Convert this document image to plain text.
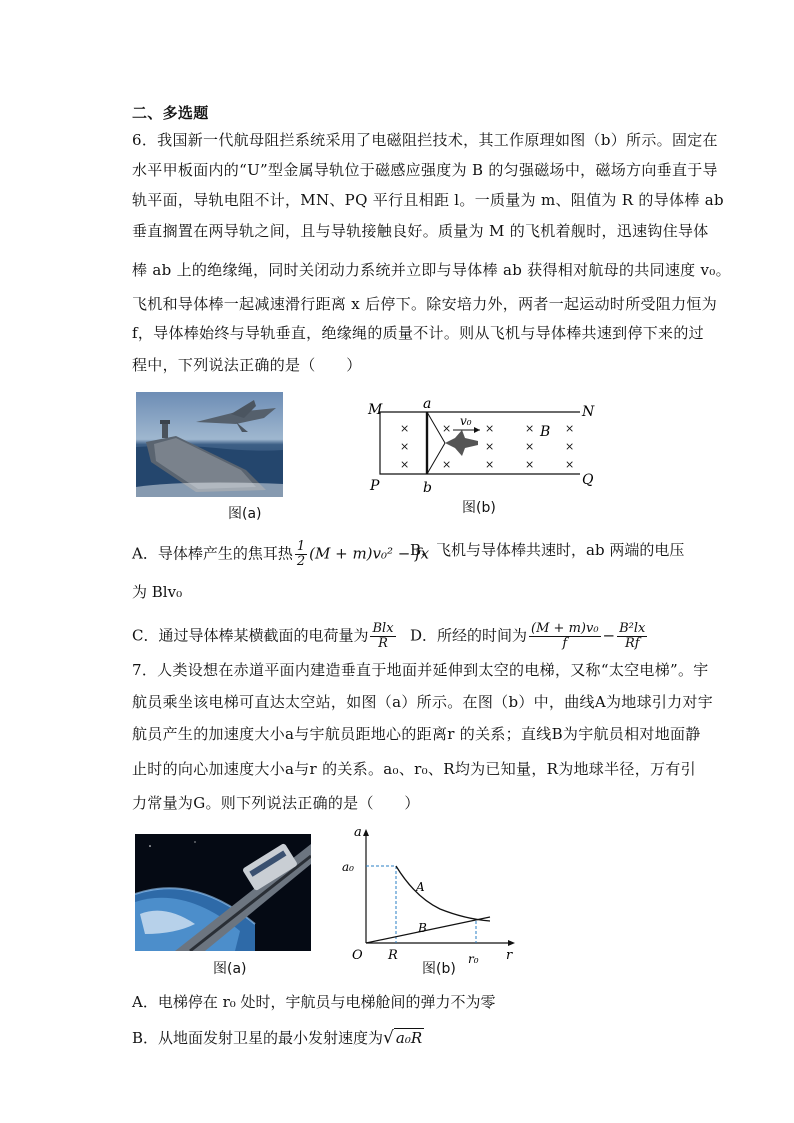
二、多选题
6．我国新一代航母阻拦系统采用了电磁阻拦技术，其工作原理如图（b）所示。固定在
水平甲板面内的“U”型金属导轨位于磁感应强度为 B 的匀强磁场中，磁场方向垂直于导
轨平面，导轨电阻不计，MN、PQ 平行且相距 l。一质量为 m、阻值为 R 的导体棒 ab
垂直搁置在两导轨之间，且与导轨接触良好。质量为 M 的飞机着舰时，迅速钩住导体
棒 ab 上的绝缘绳，同时关闭动力系统并立即与导体棒 ab 获得相对航母的共同速度 v₀。
飞机和导体棒一起减速滑行距离 x 后停下。除安培力外，两者一起运动时所受阻力恒为
f，导体棒始终与导轨垂直，绝缘绳的质量不计。则从飞机与导体棒共速到停下来的过
程中，下列说法正确的是（　　）
图(a)
M	N
P	Q
a
b
v₀
B
×
×
×
×
×
×
×
×
×
×
×
×
×
×
图(b)
A．导体棒产生的焦耳热 $\frac{1}{2} (M + m)v_0^2$ − fx
B．飞机与导体棒共速时，ab 两端的电压
为 Blv₀
C．通过导体棒某横截面的电荷量为 $\frac{\text{Blx}}{R}$ D．所经的时间为 $\frac{\text{(M + m)v₀}}{f} - \frac{\text{B²lx}}{Rf}$
7．人类设想在赤道平面内建造垂直于地面并延伸到太空的电梯，又称“太空电梯”。宇
航员乘坐该电梯可直达太空站，如图（a）所示。在图（b）中，曲线A为地球引力对宇
航员产生的加速度大小a与宇航员距地心的距离r 的关系；直线B为宇航员相对地面静
止时的向心加速度大小a与r 的关系。a₀、r₀、R均为已知量，R为地球半径，万有引
力常量为G。则下列说法正确的是（　　）
图(a)
a
r
O
a₀
R	r₀
A
B
图(b)
A．电梯停在 r₀ 处时，宇航员与电梯舱间的弹力不为零
B．从地面发射卫星的最小发射速度为√ a₀R
